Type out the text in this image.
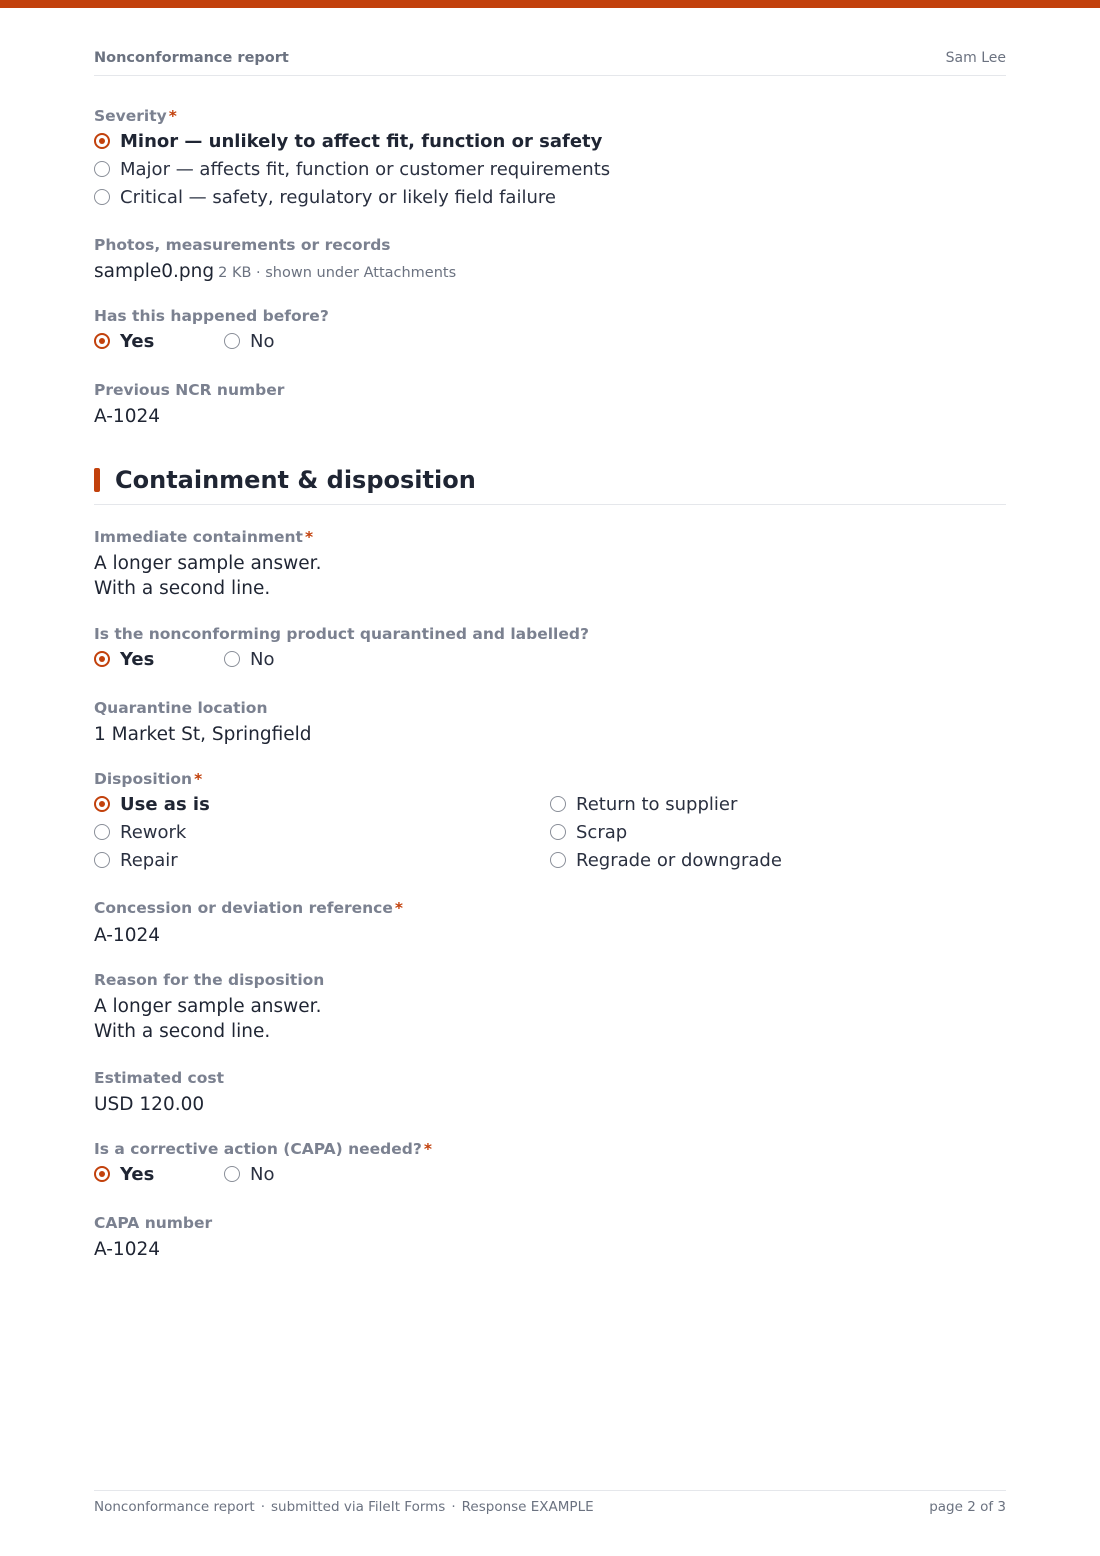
Nonconformance report	Sam Lee
Severity *
Minor — unlikely to affect fit, function or safety
Major — affects fit, function or customer requirements
Critical — safety, regulatory or likely field failure
Photos, measurements or records
sample0.png 2 KB · shown under Attachments
Has this happened before?
Yes	No
Previous NCR number
A-1024
Containment & disposition
Immediate containment *
A longer sample answer.
With a second line.
Is the nonconforming product quarantined and labelled?
Yes	No
Quarantine location
1 Market St, Springfield
Disposition *
Use as is	Return to supplier
Rework	Scrap
Repair	Regrade or downgrade
Concession or deviation reference *
A-1024
Reason for the disposition
A longer sample answer.
With a second line.
Estimated cost
USD 120.00
Is a corrective action (CAPA) needed? *
Yes	No
CAPA number
A-1024
Nonconformance report · submitted via FileIt Forms · Response EXAMPLE	page 2 of 3
